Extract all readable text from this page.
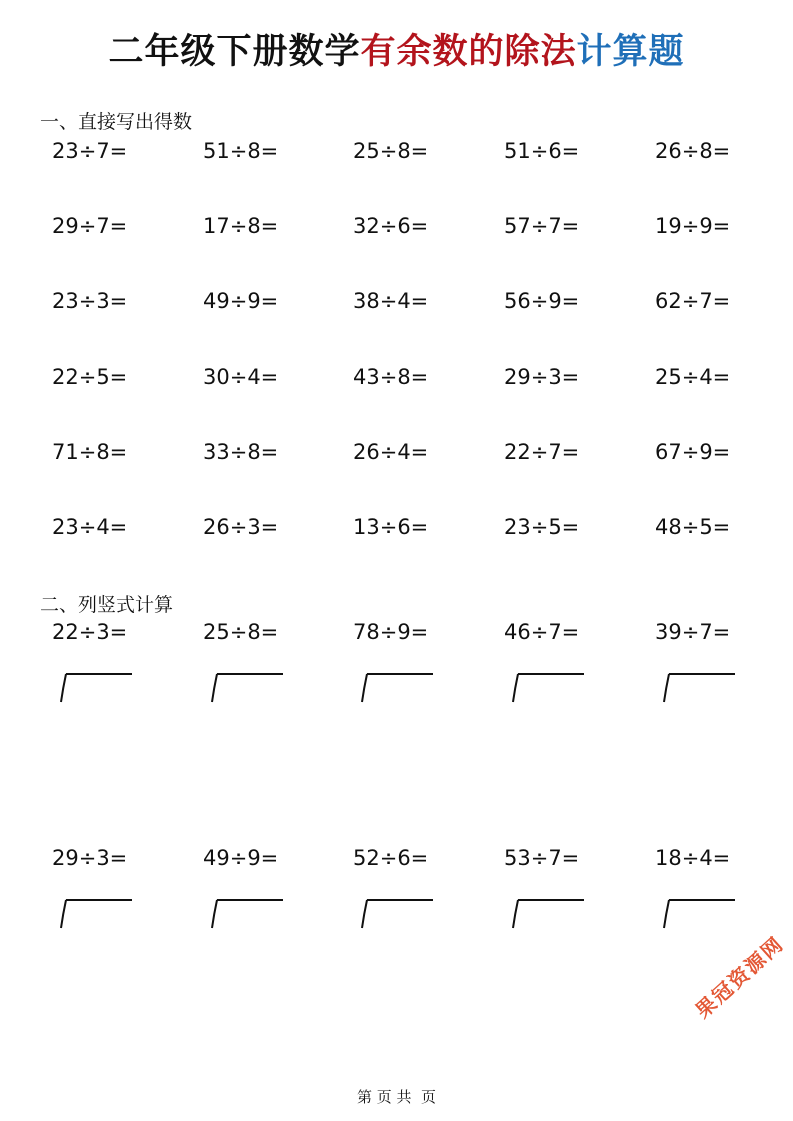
二年级下册数学有余数的除法计算题
一、直接写出得数
23÷7=	51÷8=	25÷8=	51÷6=	26÷8=
29÷7=	17÷8=	32÷6=	57÷7=	19÷9=
23÷3=	49÷9=	38÷4=	56÷9=	62÷7=
22÷5=	30÷4=	43÷8=	29÷3=	25÷4=
71÷8=	33÷8=	26÷4=	22÷7=	67÷9=
23÷4=	26÷3=	13÷6=	23÷5=	48÷5=
二、列竖式计算
22÷3=	25÷8=	78÷9=	46÷7=	39÷7=
29÷3=	49÷9=	52÷6=	53÷7=	18÷4=
第 页 共  页
果冠资源网
